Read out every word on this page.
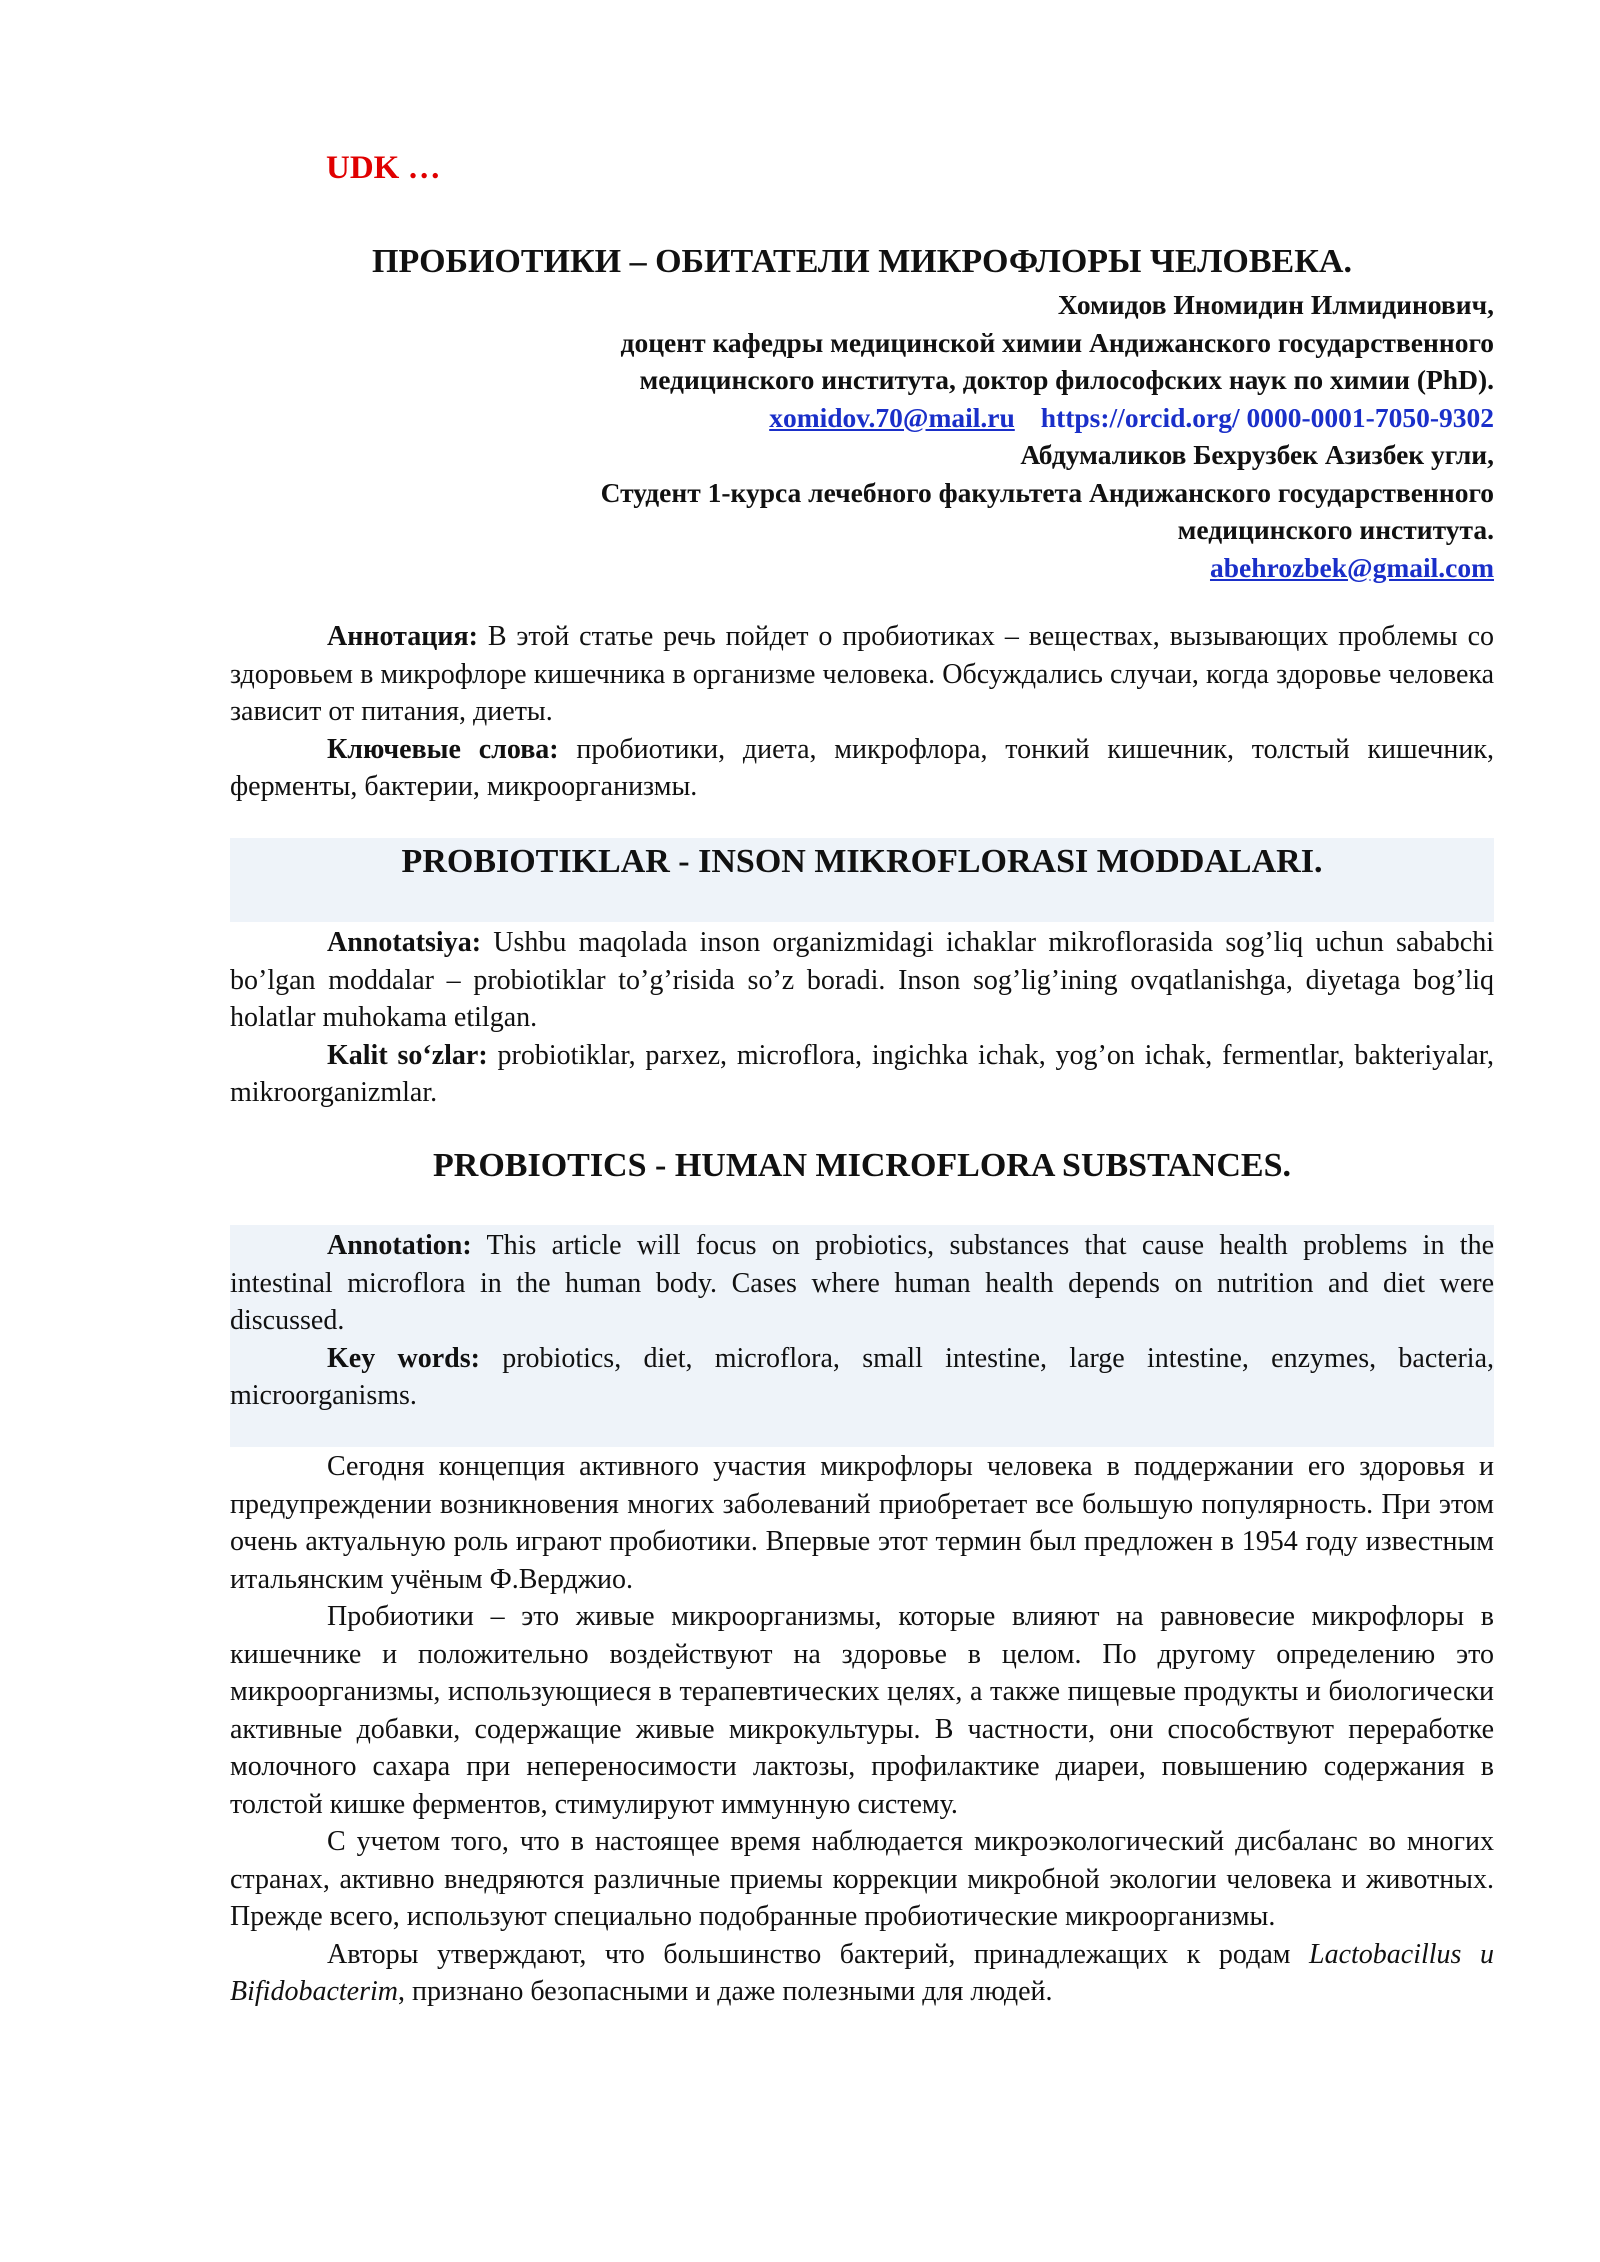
UDK …
ПРОБИОТИКИ – ОБИТАТЕЛИ МИКРОФЛОРЫ ЧЕЛОВЕКА.
Хомидов Иномидин Илмидинович,
доцент кафедры медицинской химии Андижанского государственного
медицинского института, доктор философских наук по химии (PhD).
xomidov.70@mail.ru https://orcid.org/ 0000-0001-7050-9302
Абдумаликов Бехрузбек Азизбек угли,
Студент 1-курса лечебного факультета Андижанского государственного
медицинского института.
abehrozbek@gmail.com

Аннотация: В этой статье речь пойдет о пробиотиках – веществах, вызывающих проблемы со здоровьем в микрофлоре кишечника в организме человека. Обсуждались случаи, когда здоровье человека зависит от питания, диеты.

Ключевые слова: пробиотики, диета, микрофлора, тонкий кишечник, толстый кишечник, ферменты, бактерии, микроорганизмы.

PROBIOTIKLAR - INSON MIKROFLORASI MODDALARI.

Annotatsiya: Ushbu maqolada inson organizmidagi ichaklar mikroflorasida sog’liq uchun sababchi bo’lgan moddalar – probiotiklar to’g’risida so’z boradi. Inson sog’lig’ining ovqatlanishga, diyetaga bog’liq holatlar muhokama etilgan.

Kalit so‘zlar: probiotiklar, parxez, microflora, ingichka ichak, yog’on ichak, fermentlar, bakteriyalar, mikroorganizmlar.

PROBIOTICS - HUMAN MICROFLORA SUBSTANCES.

Annotation: This article will focus on probiotics, substances that cause health problems in the intestinal microflora in the human body. Cases where human health depends on nutrition and diet were discussed.

Key words: probiotics, diet, microflora, small intestine, large intestine, enzymes, bacteria, microorganisms.

Сегодня концепция активного участия микрофлоры человека в поддержании его здоровья и предупреждении возникновения многих заболеваний приобретает все большую популярность. При этом очень актуальную роль играют пробиотики. Впервые этот термин был предложен в 1954 году известным итальянским учёным Ф.Верджио.

Пробиотики – это живые микроорганизмы, которые влияют на равновесие микрофлоры в кишечнике и положительно воздействуют на здоровье в целом. По другому определению это микроорганизмы, использующиеся в терапевтических целях, а также пищевые продукты и биологически активные добавки, содержащие живые микрокультуры. В частности, они способствуют переработке молочного сахара при непереносимости лактозы, профилактике диареи, повышению содержания в толстой кишке ферментов, стимулируют иммунную систему.

С учетом того, что в настоящее время наблюдается микроэкологический дисбаланс во многих странах, активно внедряются различные приемы коррекции микробной экологии человека и животных. Прежде всего, используют специально подобранные пробиотические микроорганизмы.

Авторы утверждают, что большинство бактерий, принадлежащих к родам Lactobacillus u Bifidobacterim, признано безопасными и даже полезными для людей.
